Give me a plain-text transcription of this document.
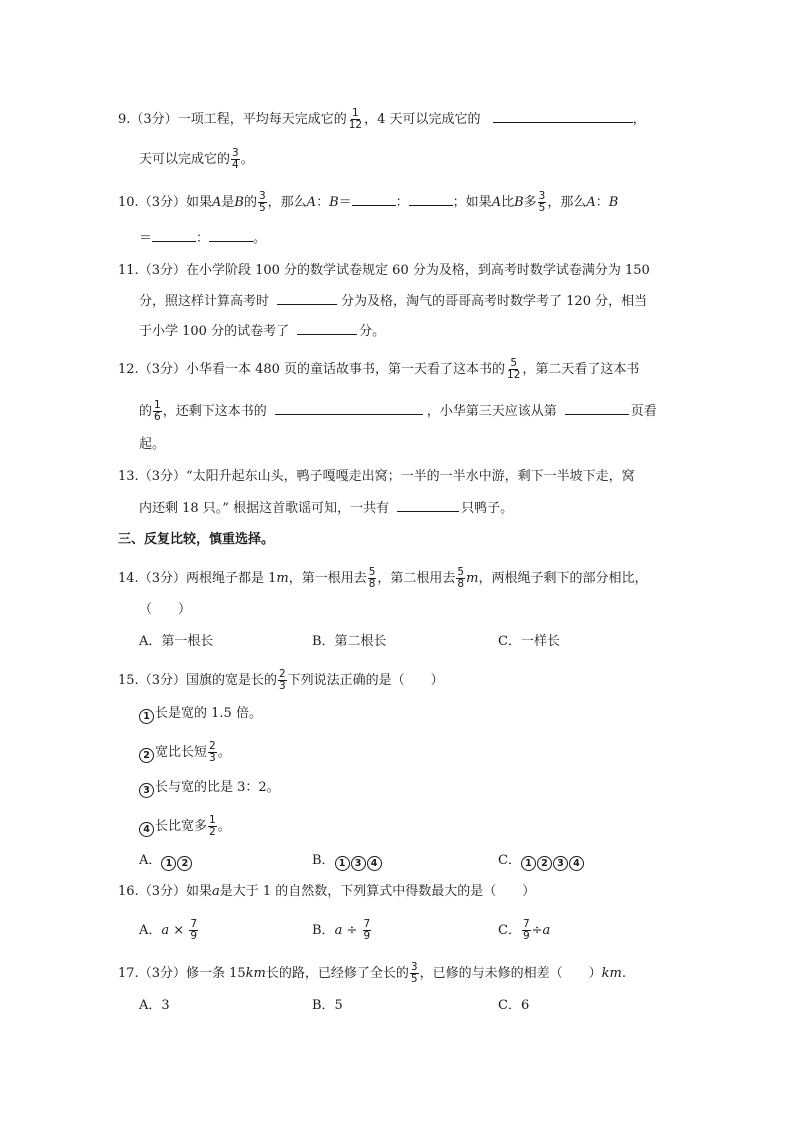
9.（3分）一项工程，平均每天完成它的 $\frac{1}{12}$ ，4 天可以完成它的	，
天可以完成它的 $\frac{3}{4}$ 。
10.（3分）如果A是B的 $\frac{3}{5}$ ，那么A：B＝	：	；如果A比B多 $\frac{3}{5}$ ，那么A：B
＝	：	。
11.（3分）在小学阶段 100 分的数学试卷规定 60 分为及格，到高考时数学试卷满分为 150
分，照这样计算高考时	分为及格，淘气的哥哥高考时数学考了 120 分，相当
于小学 100 分的试卷考了	分。
12.（3分）小华看一本 480 页的童话故事书，第一天看了这本书的 $\frac{5}{12}$ ，第二天看了这本书
的 $\frac{1}{6}$ ，还剩下这本书的	，小华第三天应该从第	页看
起。
13.（3分）“太阳升起东山头，鸭子嘎嘎走出窝；一半的一半水中游，剩下一半坡下走，窝
内还剩 18 只。” 根据这首歌谣可知，一共有	只鸭子。
三、反复比较，慎重选择。
14.（3分）两根绳子都是 1m，第一根用去 $\frac{5}{8}$ ，第二根用去 $\frac{5}{8}$ m，两根绳子剩下的部分相比，
（　　）
A．第一根长	B．第二根长	C．一样长
15.（3分）国旗的宽是长的 $\frac{2}{3}$ 下列说法正确的是（　　）
1 长是宽的 1.5 倍。
2 宽比长短 $\frac{2}{3}$ 。
3 长与宽的比是 3：2。
4 长比宽多 $\frac{1}{2}$ 。
A． 1 2	B． 1 3 4	C． 1 2 3 4
16.（3分）如果a是大于 1 的自然数，下列算式中得数最大的是（　　）
A．$a \times \frac{7}{9}$	B．$a \div \frac{7}{9}$	C． $\frac{7}{9} \div a$
17.（3分）修一条 15km长的路，已经修了全长的 $\frac{3}{5}$ ，已修的与未修的相差（　　）km.
A．3	B．5	C．6
